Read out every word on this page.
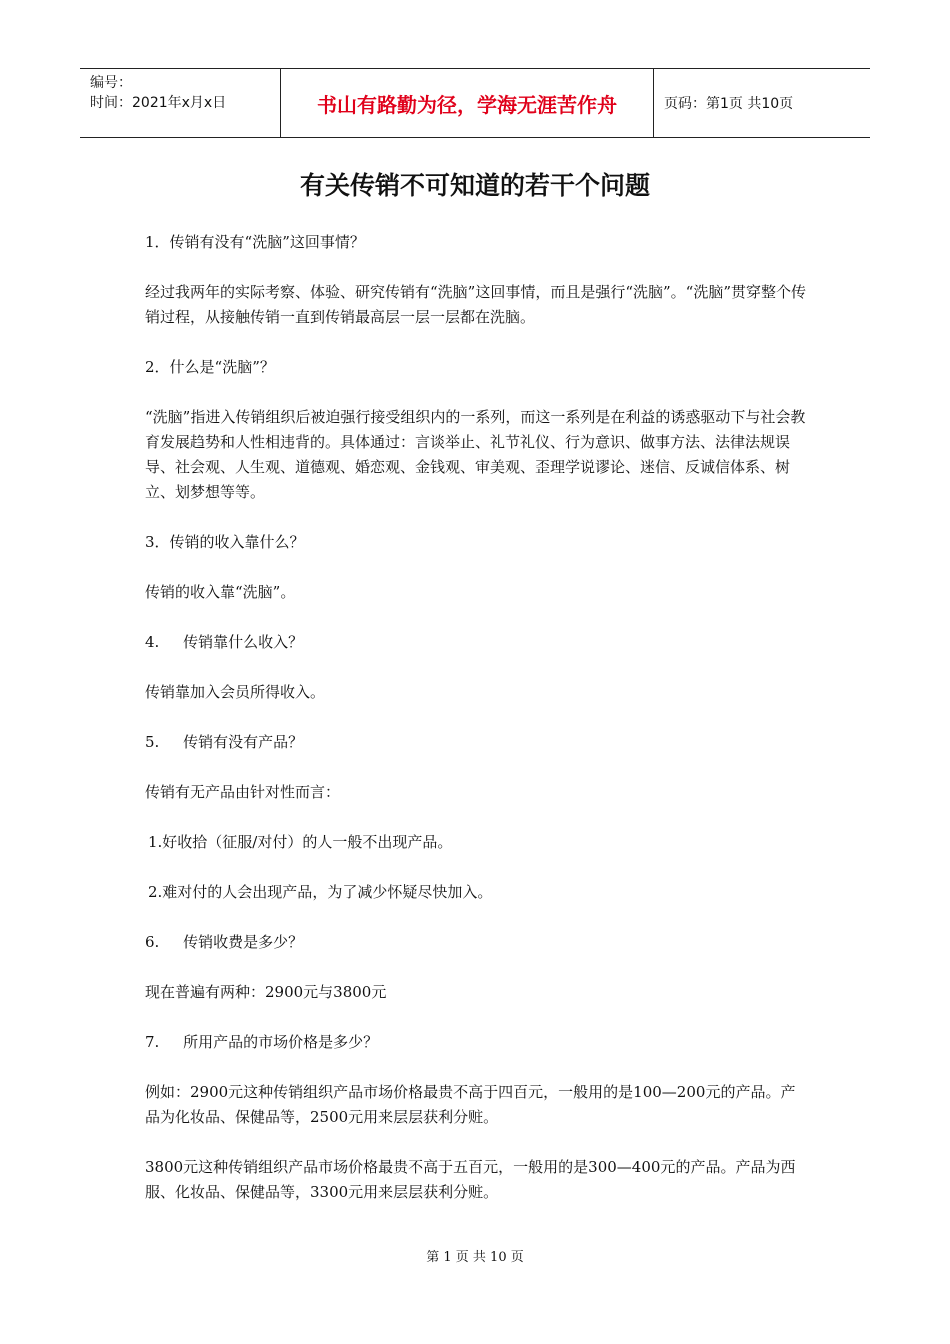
编号：
时间：2021年x月x日	书山有路勤为径，学海无涯苦作舟	页码：第1页 共10页
有关传销不可知道的若干个问题

1．传销有没有“洗脑”这回事情？

经过我两年的实际考察、体验、研究传销有“洗脑”这回事情，而且是强行“洗脑”。“洗脑”贯穿整个传销过程，从接触传销一直到传销最高层一层一层都在洗脑。

2．什么是“洗脑”？

“洗脑”指进入传销组织后被迫强行接受组织内的一系列，而这一系列是在利益的诱惑驱动下与社会教育发展趋势和人性相违背的。具体通过：言谈举止、礼节礼仪、行为意识、做事方法、法律法规误导、社会观、人生观、道德观、婚恋观、金钱观、审美观、歪理学说谬论、迷信、反诚信体系、树立、划梦想等等。

3．传销的收入靠什么？

传销的收入靠“洗脑”。

4.     传销靠什么收入？

传销靠加入会员所得收入。

5.     传销有没有产品？

传销有无产品由针对性而言：

1.好收拾（征服/对付）的人一般不出现产品。

2.难对付的人会出现产品，为了减少怀疑尽快加入。

6.     传销收费是多少？

现在普遍有两种：2900元与3800元

7.     所用产品的市场价格是多少？

例如：2900元这种传销组织产品市场价格最贵不高于四百元，一般用的是100—200元的产品。产品为化妆品、保健品等，2500元用来层层获利分赃。

3800元这种传销组织产品市场价格最贵不高于五百元，一般用的是300—400元的产品。产品为西服、化妆品、保健品等，3300元用来层层获利分赃。

第 1 页 共 10 页
